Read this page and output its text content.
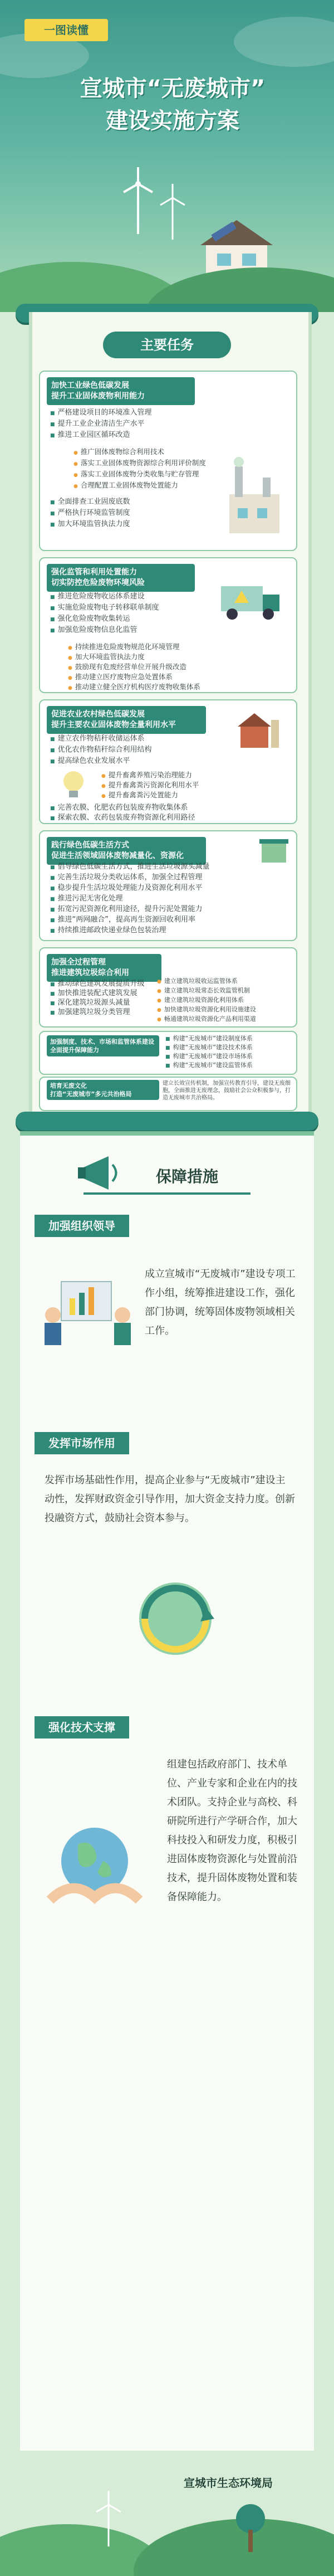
一图读懂
宣城市“无废城市”
建设实施方案
主要任务
加快工业绿色低碳发展
提升工业固体废物利用能力
■ 严格建设项目的环境准入管理
■ 提升工业企业清洁生产水平
■ 推进工业园区循环改造
● 推广固体废物综合利用技术
● 落实工业固体废物资源综合利用评价制度
● 落实工业固体废物分类收集与贮存管理
● 合理配置工业固体废物处置能力
■ 全面排查工业固废底数
■ 严格执行环境监管制度
■ 加大环境监管执法力度
强化监管和利用处置能力
切实防控危险废物环境风险
■ 推进危险废物收运体系建设
■ 实施危险废物电子转移联单制度
■ 强化危险废物收集转运
■ 加强危险废物信息化监管
● 持续推进危险废物规范化环境管理
● 加大环境监管执法力度
● 鼓励现有危废经营单位开展升级改造
● 推动建立医疗废物应急处置体系
● 推动建立健全医疗机构医疗废物收集体系
促进农业农村绿色低碳发展
提升主要农业固体废物全量利用水平
■ 建立农作物秸秆收储运体系
■ 优化农作物秸秆综合利用结构
■ 提高绿色农业发展水平
● 提升畜禽养殖污染治理能力
● 提升畜禽粪污资源化利用水平
● 提升畜禽粪污处置能力
■ 完善农膜、化肥农药包装废弃物收集体系
■ 探索农膜、农药包装废弃物资源化利用路径
践行绿色低碳生活方式
促进生活领域固体废物减量化、资源化
■ 倡导绿色低碳生活方式，推进生活垃圾源头减量
■ 完善生活垃圾分类收运体系，加强全过程管理
■ 稳步提升生活垃圾处理能力及资源化利用水平
■ 推进污泥无害化处理
■ 拓宽污泥资源化利用途径，提升污泥处置能力
■ 推进“两网融合”，提高再生资源回收利用率
■ 持续推进邮政快递业绿色包装治理
加强全过程管理
推进建筑垃圾综合利用
■ 推动绿色建筑发展提质升级
■ 加快推进装配式建筑发展
■ 深化建筑垃圾源头减量
■ 加强建筑垃圾分类管理
● 建立建筑垃圾收运监管体系
● 建立建筑垃圾常态长效监管机制
● 建立建筑垃圾资源化利用体系
● 加快建筑垃圾资源化利用设施建设
● 畅通建筑垃圾资源化产品利用渠道
加强制度、技术、市场和监管体系建设
全面提升保障能力
■ 构建“无废城市”建设制度体系
■ 构建“无废城市”建设技术体系
■ 构建“无废城市”建设市场体系
■ 构建“无废城市”建设监管体系
培育无废文化
打造“无废城市”多元共治格局
建立长效宣传机制，加强宣传教育引导，建设无废细胞，全面推进无废理念，鼓励社会公众积极参与，打造无废城市共治格局。
保障措施
加强组织领导
成立宣城市“无废城市”建设专项工作小组，统筹推进建设工作，强化部门协调，统筹固体废物领域相关工作。
发挥市场作用
发挥市场基础性作用，提高企业参与“无废城市”建设主动性，发挥财政资金引导作用，加大资金支持力度。创新投融资方式，鼓励社会资本参与。
强化技术支撑
组建包括政府部门、技术单位、产业专家和企业在内的技术团队。支持企业与高校、科研院所进行产学研合作，加大科技投入和研发力度，积极引进固体废物资源化与处置前沿技术，提升固体废物处置和装备保障能力。
宣城市生态环境局
